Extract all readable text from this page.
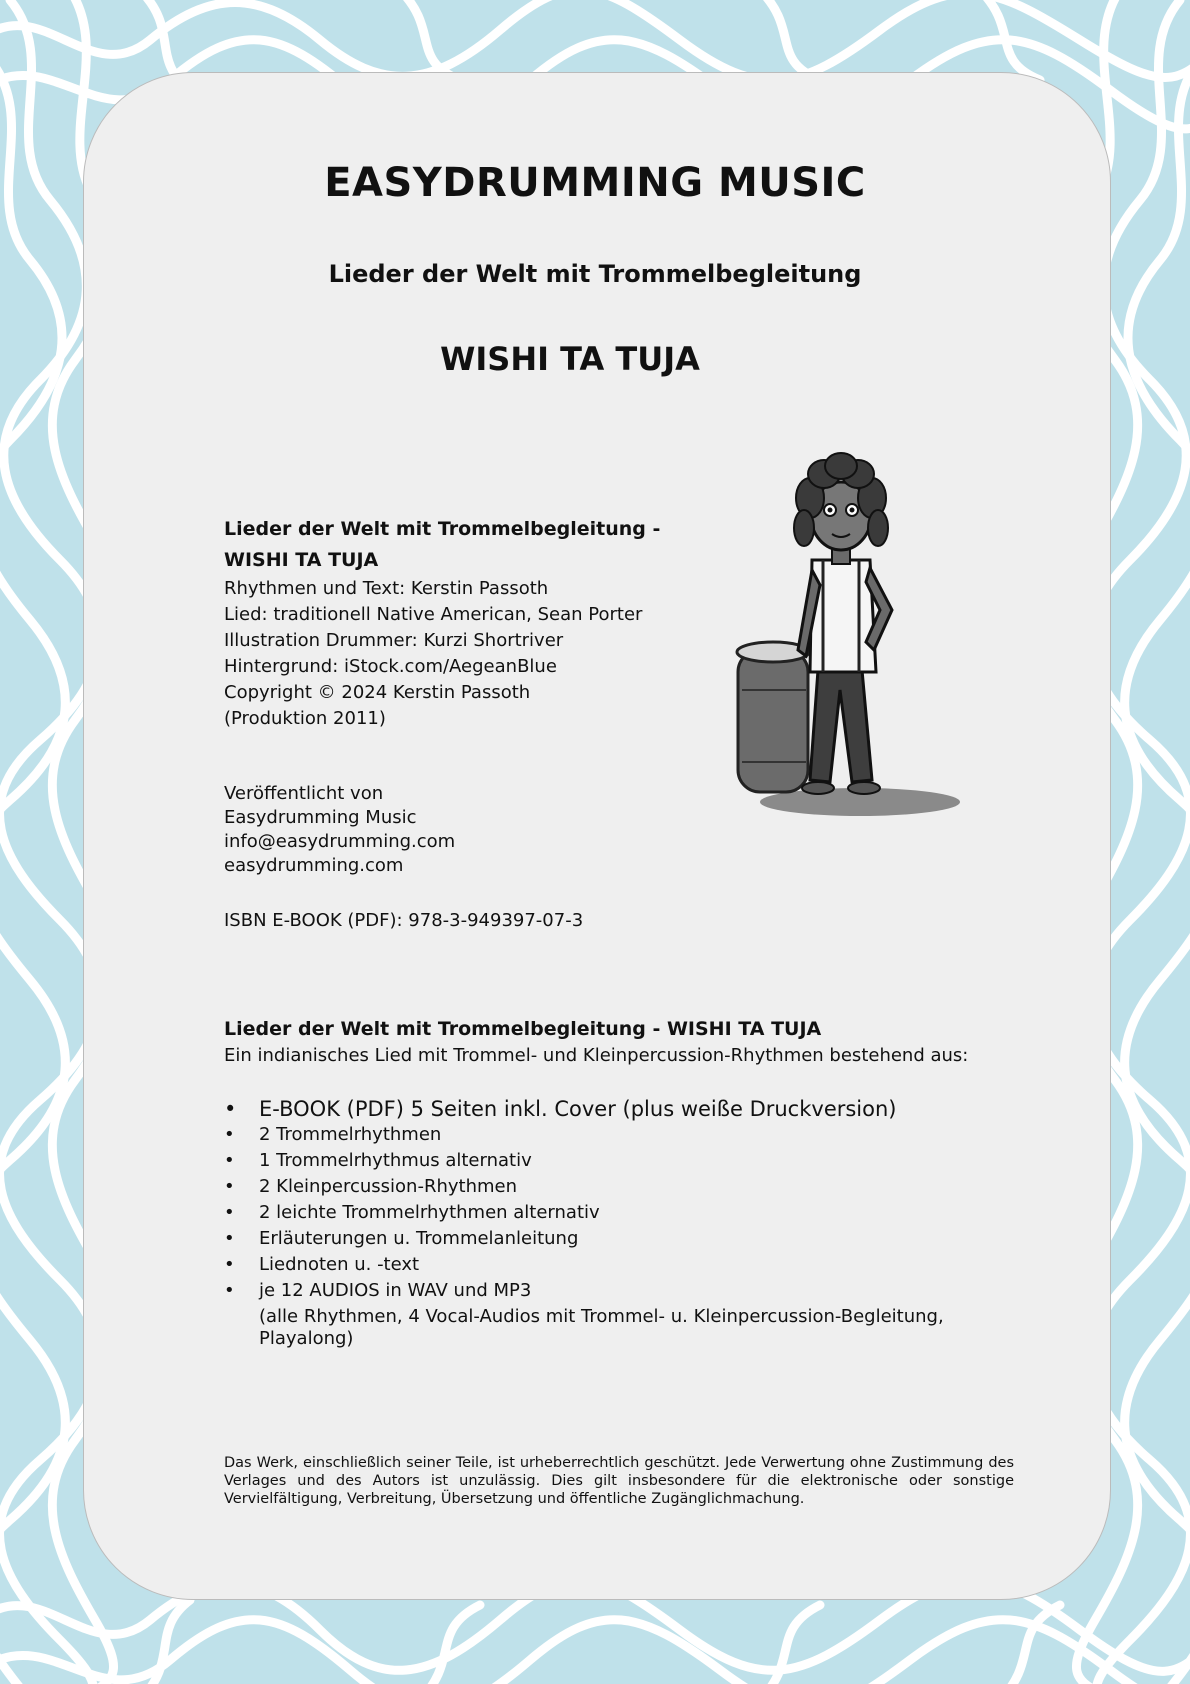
EASYDRUMMING MUSIC
Lieder der Welt mit Trommelbegleitung
WISHI TA TUJA
Lieder der Welt mit Trommelbegleitung -
WISHI TA TUJA
Rhythmen und Text: Kerstin Passoth
Lied: traditionell Native American, Sean Porter
Illustration Drummer: Kurzi Shortriver
Hintergrund: iStock.com/AegeanBlue
Copyright © 2024 Kerstin Passoth
(Produktion 2011)
Veröffentlicht von
Easydrumming Music
info@easydrumming.com
easydrumming.com
ISBN E-BOOK (PDF): 978-3-949397-07-3
Lieder der Welt mit Trommelbegleitung - WISHI TA TUJA
Ein indianisches Lied mit Trommel- und Kleinpercussion-Rhythmen bestehend aus:
• E-BOOK (PDF) 5 Seiten inkl. Cover (plus weiße Druckversion)
• 2 Trommelrhythmen
• 1 Trommelrhythmus alternativ
• 2 Kleinpercussion-Rhythmen
• 2 leichte Trommelrhythmen alternativ
• Erläuterungen u. Trommelanleitung
• Liednoten u. -text
• je 12 AUDIOS in WAV und MP3
(alle Rhythmen, 4 Vocal-Audios mit Trommel- u. Kleinpercussion-Begleitung, Playalong)
Das Werk, einschließlich seiner Teile, ist urheberrechtlich geschützt. Jede Verwertung ohne Zustimmung des Verlages und des Autors ist unzulässig. Dies gilt insbesondere für die elektronische oder sonstige Vervielfältigung, Verbreitung, Übersetzung und öffentliche Zugänglichmachung.
